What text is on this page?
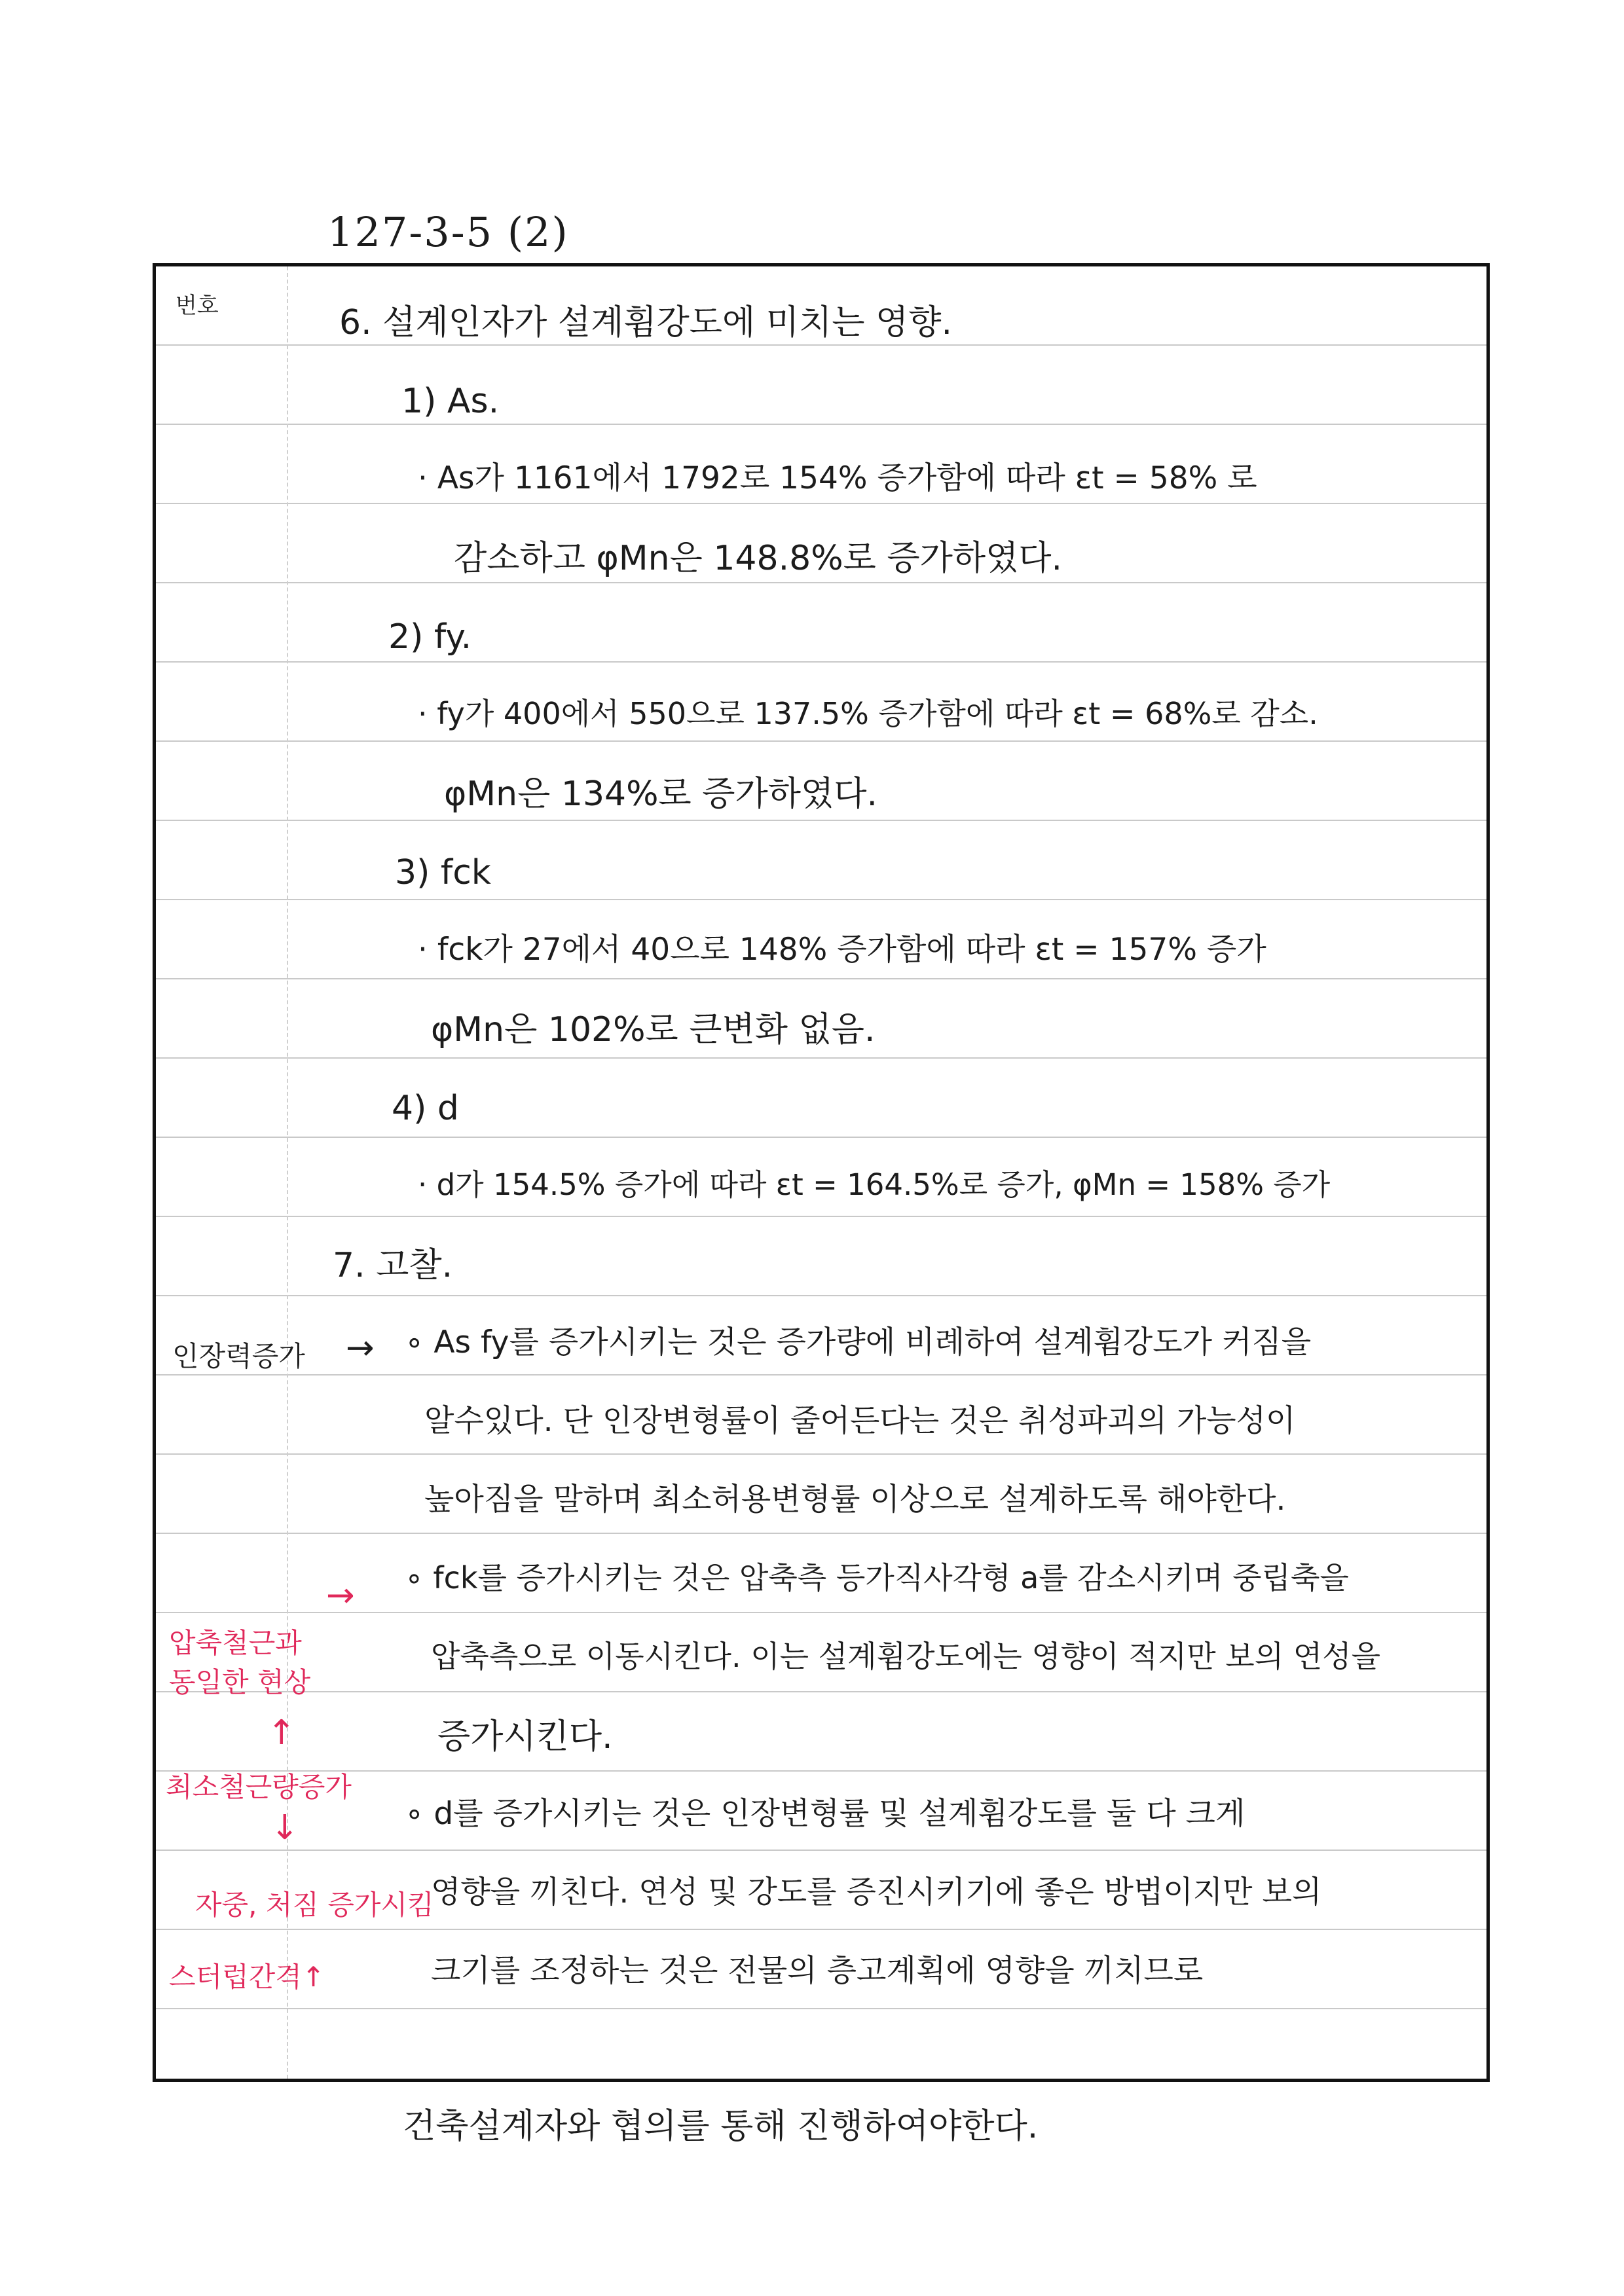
127-3-5 (2)
번호	6. 설계인자가 설계휨강도에 미치는 영향.
1) As.
· As가 1161에서 1792로 154% 증가함에 따라 εt = 58% 로
감소하고 φMn은 148.8%로 증가하였다.
2) fy.
· fy가 400에서 550으로 137.5% 증가함에 따라 εt = 68%로 감소.
φMn은 134%로 증가하였다.
3) fck
· fck가 27에서 40으로 148% 증가함에 따라 εt = 157% 증가
φMn은 102%로 큰변화 없음.
4) d
· d가 154.5% 증가에 따라 εt = 164.5%로 증가, φMn = 158% 증가
7. 고찰.
∘ As fy를 증가시키는 것은 증가량에 비례하여 설계휨강도가 커짐을
알수있다. 단 인장변형률이 줄어든다는 것은 취성파괴의 가능성이
높아짐을 말하며 최소허용변형률 이상으로 설계하도록 해야한다.
∘ fck를 증가시키는 것은 압축측 등가직사각형 a를 감소시키며 중립축을
압축측으로 이동시킨다. 이는 설계휨강도에는 영향이 적지만 보의 연성을
증가시킨다.
∘ d를 증가시키는 것은 인장변형률 및 설계휨강도를 둘 다 크게
영향을 끼친다. 연성 및 강도를 증진시키기에 좋은 방법이지만 보의
크기를 조정하는 것은 전물의 층고계획에 영향을 끼치므로
인장력증가 →
압축철근과
동일한 현상
→
↑
최소철근량증가
↓
자중, 처짐 증가시킴
스터럽간격↑
건축설계자와 협의를 통해 진행하여야한다.
